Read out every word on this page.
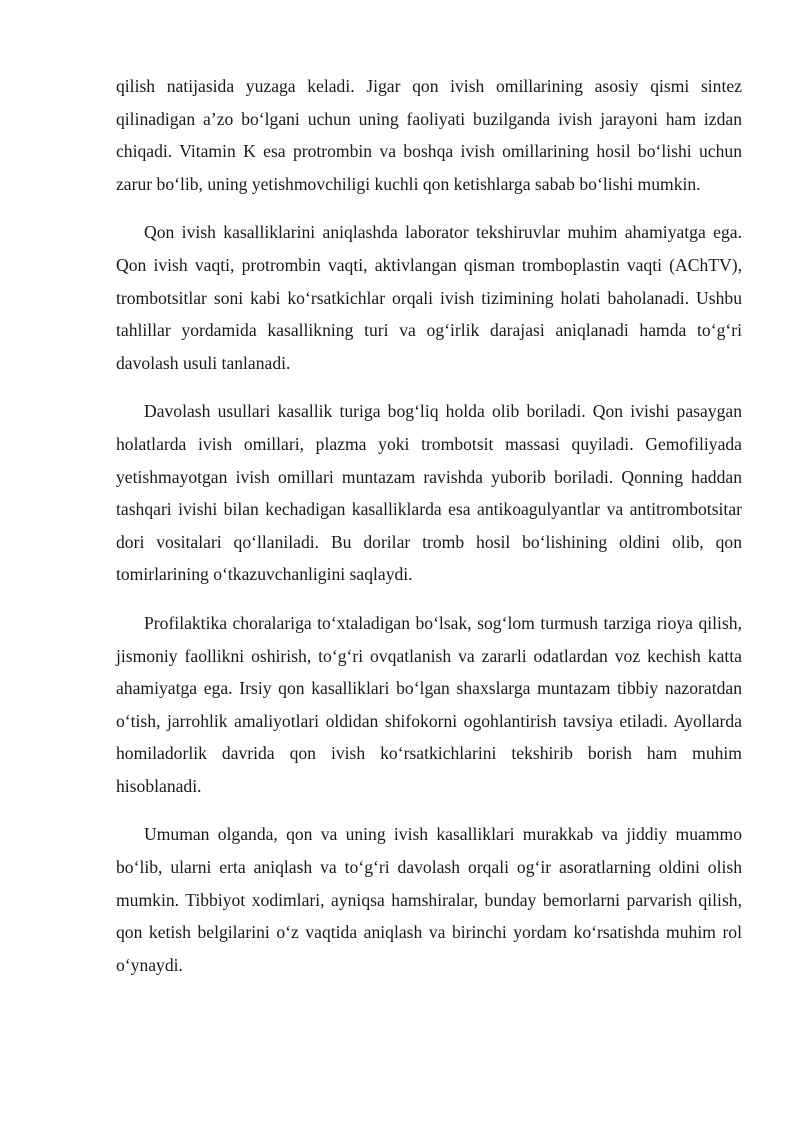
qilish natijasida yuzaga keladi. Jigar qon ivish omillarining asosiy qismi sintez qilinadigan a’zo bo‘lgani uchun uning faoliyati buzilganda ivish jarayoni ham izdan chiqadi. Vitamin K esa protrombin va boshqa ivish omillarining hosil bo‘lishi uchun zarur bo‘lib, uning yetishmovchiligi kuchli qon ketishlarga sabab bo‘lishi mumkin.

Qon ivish kasalliklarini aniqlashda laborator tekshiruvlar muhim ahamiyatga ega. Qon ivish vaqti, protrombin vaqti, aktivlangan qisman tromboplastin vaqti (AChTV), trombotsitlar soni kabi ko‘rsatkichlar orqali ivish tizimining holati baholanadi. Ushbu tahlillar yordamida kasallikning turi va og‘irlik darajasi aniqlanadi hamda to‘g‘ri davolash usuli tanlanadi.

Davolash usullari kasallik turiga bog‘liq holda olib boriladi. Qon ivishi pasaygan holatlarda ivish omillari, plazma yoki trombotsit massasi quyiladi. Gemofiliyada yetishmayotgan ivish omillari muntazam ravishda yuborib boriladi. Qonning haddan tashqari ivishi bilan kechadigan kasalliklarda esa antikoagulyantlar va antitrombotsitar dori vositalari qo‘llaniladi. Bu dorilar tromb hosil bo‘lishining oldini olib, qon tomirlarining o‘tkazuvchanligini saqlaydi.

Profilaktika choralariga to‘xtaladigan bo‘lsak, sog‘lom turmush tarziga rioya qilish, jismoniy faollikni oshirish, to‘g‘ri ovqatlanish va zararli odatlardan voz kechish katta ahamiyatga ega. Irsiy qon kasalliklari bo‘lgan shaxslarga muntazam tibbiy nazoratdan o‘tish, jarrohlik amaliyotlari oldidan shifokorni ogohlantirish tavsiya etiladi. Ayollarda homiladorlik davrida qon ivish ko‘rsatkichlarini tekshirib borish ham muhim hisoblanadi.

Umuman olganda, qon va uning ivish kasalliklari murakkab va jiddiy muammo bo‘lib, ularni erta aniqlash va to‘g‘ri davolash orqali og‘ir asoratlarning oldini olish mumkin. Tibbiyot xodimlari, ayniqsa hamshiralar, bunday bemorlarni parvarish qilish, qon ketish belgilarini o‘z vaqtida aniqlash va birinchi yordam ko‘rsatishda muhim rol o‘ynaydi.
